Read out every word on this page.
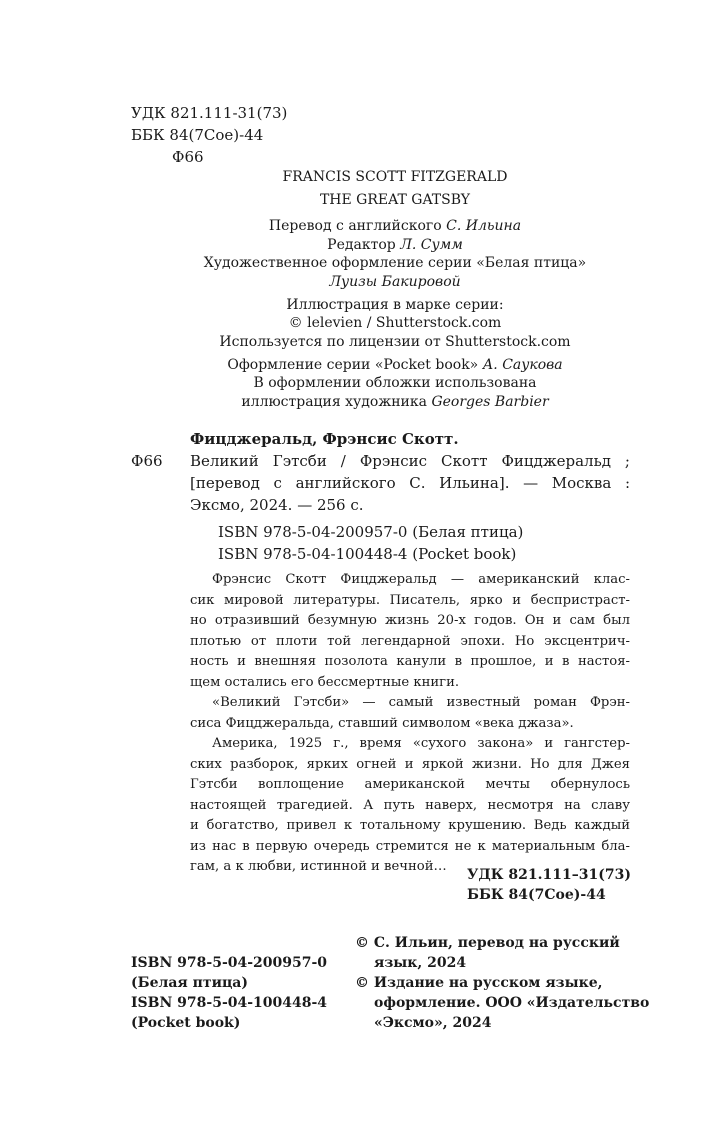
УДК 821.111-31(73)
ББК 84(7Сое)-44
Ф66
FRANCIS SCOTT FITZGERALD
THE GREAT GATSBY
Перевод с английского С. Ильина
Редактор Л. Сумм
Художественное оформление серии «Белая птица»
Луизы Бакировой
Иллюстрация в марке серии:
© lelevien / Shutterstock.com
Используется по лицензии от Shutterstock.com
Оформление серии «Pocket book» А. Саукова
В оформлении обложки использована
иллюстрация художника Georges Barbier
Фицджеральд, Фрэнсис Скотт.
Ф66 Великий Гэтсби / Фрэнсис Скотт Фицджеральд ;
[перевод с английского С. Ильина]. — Москва :
Эксмо, 2024. — 256 с.
ISBN 978-5-04-200957-0 (Белая птица)
ISBN 978-5-04-100448-4 (Pocket book)
Фрэнсис Скотт Фицджеральд — американский клас-
сик мировой литературы. Писатель, ярко и беспристраст-
но отразивший безумную жизнь 20-х годов. Он и сам был
плотью от плоти той легендарной эпохи. Но эксцентрич-
ность и внешняя позолота канули в прошлое, и в настоя-
щем остались его бессмертные книги.
«Великий Гэтсби» — самый известный роман Фрэн-
сиса Фицджеральда, ставший символом «века джаза».
Америка, 1925 г., время «сухого закона» и гангстер-
ских разборок, ярких огней и яркой жизни. Но для Джея
Гэтсби воплощение американской мечты обернулось
настоящей трагедией. А путь наверх, несмотря на славу
и богатство, привел к тотальному крушению. Ведь каждый
из нас в первую очередь стремится не к материальным бла-
гам, а к любви, истинной и вечной…
УДК 821.111–31(73)
ББК 84(7Сое)-44
ISBN 978-5-04-200957-0
(Белая птица)
ISBN 978-5-04-100448-4
(Pocket book)
© С. Ильин, перевод на русский
язык, 2024
© Издание на русском языке,
оформление. ООО «Издательство
«Эксмо», 2024
